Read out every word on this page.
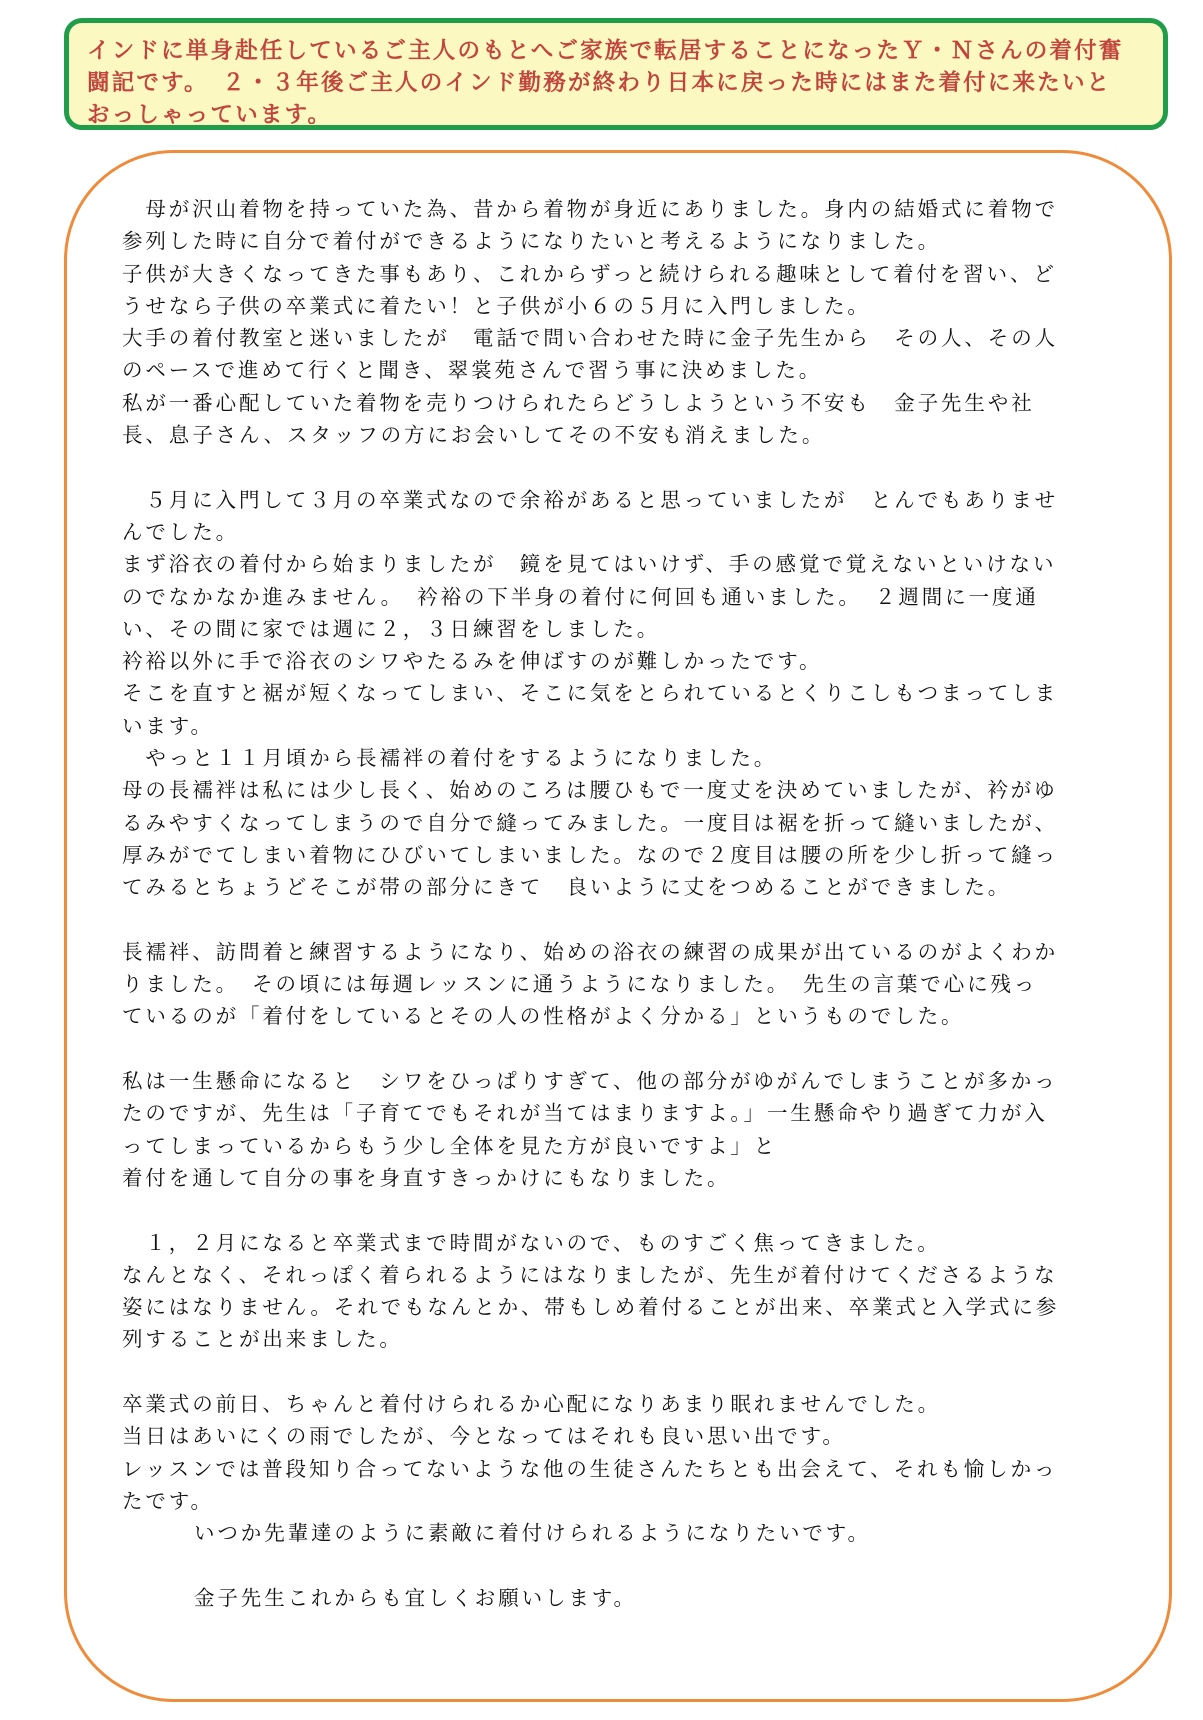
インドに単身赴任しているご主人のもとへご家族で転居することになったＹ・Ｎさんの着付奮
闘記です。　２・３年後ご主人のインド勤務が終わり日本に戻った時にはまた着付に来たいと
おっしゃっています。

　母が沢山着物を持っていた為、昔から着物が身近にありました。身内の結婚式に着物で
参列した時に自分で着付ができるようになりたいと考えるようになりました。
子供が大きくなってきた事もあり、これからずっと続けられる趣味として着付を習い、ど
うせなら子供の卒業式に着たい！と子供が小６の５月に入門しました。
大手の着付教室と迷いましたが　電話で問い合わせた時に金子先生から　その人、その人
のペースで進めて行くと聞き、翠裳苑さんで習う事に決めました。
私が一番心配していた着物を売りつけられたらどうしようという不安も　金子先生や社
長、息子さん、スタッフの方にお会いしてその不安も消えました。

　５月に入門して３月の卒業式なので余裕があると思っていましたが　とんでもありませ
んでした。
まず浴衣の着付から始まりましたが　鏡を見てはいけず、手の感覚で覚えないといけない
のでなかなか進みません。　衿裕の下半身の着付に何回も通いました。　２週間に一度通
い、その間に家では週に２，３日練習をしました。
衿裕以外に手で浴衣のシワやたるみを伸ばすのが難しかったです。
そこを直すと裾が短くなってしまい、そこに気をとられているとくりこしもつまってしま
います。
　やっと１１月頃から長襦袢の着付をするようになりました。
母の長襦袢は私には少し長く、始めのころは腰ひもで一度丈を決めていましたが、衿がゆ
るみやすくなってしまうので自分で縫ってみました。一度目は裾を折って縫いましたが、
厚みがでてしまい着物にひびいてしまいました。なので２度目は腰の所を少し折って縫っ
てみるとちょうどそこが帯の部分にきて　良いように丈をつめることができました。

長襦袢、訪問着と練習するようになり、始めの浴衣の練習の成果が出ているのがよくわか
りました。　その頃には毎週レッスンに通うようになりました。　先生の言葉で心に残っ
ているのが「着付をしているとその人の性格がよく分かる」というものでした。

私は一生懸命になると　シワをひっぱりすぎて、他の部分がゆがんでしまうことが多かっ
たのですが、先生は「子育てでもそれが当てはまりますよ。」一生懸命やり過ぎて力が入
ってしまっているからもう少し全体を見た方が良いですよ」と
着付を通して自分の事を身直すきっかけにもなりました。

　１，２月になると卒業式まで時間がないので、ものすごく焦ってきました。
なんとなく、それっぽく着られるようにはなりましたが、先生が着付けてくださるような
姿にはなりません。それでもなんとか、帯もしめ着付ることが出来、卒業式と入学式に参
列することが出来ました。

卒業式の前日、ちゃんと着付けられるか心配になりあまり眠れませんでした。
当日はあいにくの雨でしたが、今となってはそれも良い思い出です。
レッスンでは普段知り合ってないような他の生徒さんたちとも出会えて、それも愉しかっ
たです。

いつか先輩達のように素敵に着付けられるようになりたいです。

金子先生これからも宜しくお願いします。
